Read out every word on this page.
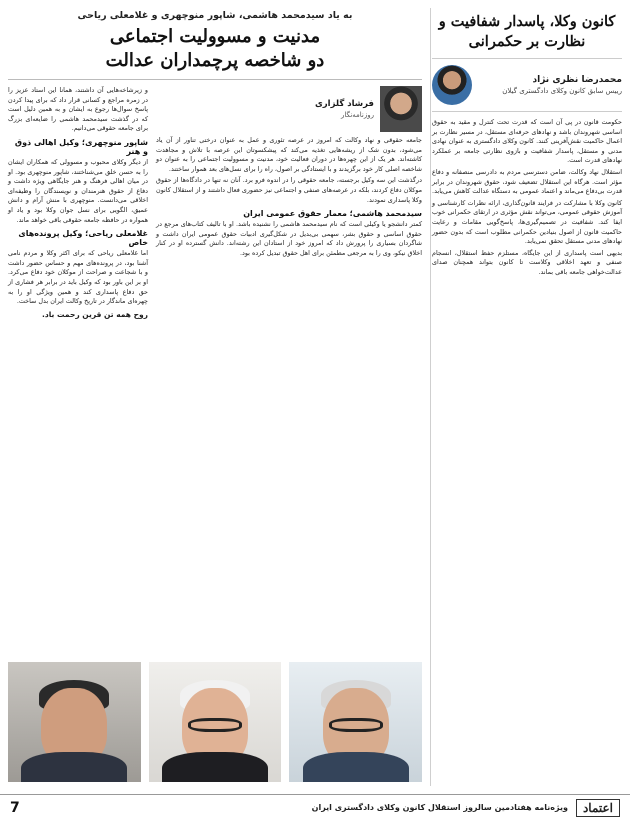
کانون وکلا، پاسدار شفافیت و نظارت بر حکمرانی
محمدرضا نظری نژاد
رییس سابق کانون وکلای دادگستری گیلان

حکومت قانون در پی آن است که قدرت تحت کنترل و مقید به حقوق اساسی شهروندان باشد و نهادهای حرفه‌ای مستقل، در مسیر نظارت بر اعمال حاکمیت نقش‌آفرینی کنند. کانون وکلای دادگستری به عنوان نهادی مدنی و مستقل، پاسدار شفافیت و بازوی نظارتی جامعه بر عملکرد نهادهای قدرت است.

استقلال نهاد وکالت، ضامن دسترسی مردم به دادرسی منصفانه و دفاع مؤثر است. هرگاه این استقلال تضعیف شود، حقوق شهروندان در برابر قدرت بی‌دفاع می‌ماند و اعتماد عمومی به دستگاه عدالت کاهش می‌یابد.

کانون وکلا با مشارکت در فرایند قانون‌گذاری، ارائه نظرات کارشناسی و آموزش حقوقی عمومی، می‌تواند نقش مؤثری در ارتقای حکمرانی خوب ایفا کند. شفافیت در تصمیم‌گیری‌ها، پاسخ‌گویی مقامات و رعایت حاکمیت قانون از اصول بنیادین حکمرانی مطلوب است که بدون حضور نهادهای مدنی مستقل تحقق نمی‌یابد.

بدیهی است پاسداری از این جایگاه، مستلزم حفظ استقلال، انسجام صنفی و تعهد اخلاقی وکلاست تا کانون بتواند همچنان صدای عدالت‌خواهی جامعه باقی بماند.

به یاد سیدمحمد هاشمی، شاپور منوچهری و غلامعلی ریاحی
مدنیت و مسوولیت اجتماعی
دو شاخصه پرچمداران عدالت
فرشاد گلزاری
روزنامه‌نگار

جامعه حقوقی و نهاد وکالت که امروز در عرصه تئوری و عمل به عنوان درختی تناور از آن یاد می‌شود، بدون شک از ریشه‌هایی تغذیه می‌کند که پیشکسوتان این عرصه با تلاش و مجاهدت کاشته‌اند. هر یک از این چهره‌ها در دوران فعالیت خود، مدنیت و مسوولیت اجتماعی را به عنوان دو شاخصه اصلی کار خود برگزیدند و با ایستادگی بر اصول، راه را برای نسل‌های بعد هموار ساختند.

درگذشت این سه وکیل برجسته، جامعه حقوقی را در اندوه فرو برد. آنان نه تنها در دادگاه‌ها از حقوق موکلان دفاع کردند، بلکه در عرصه‌های صنفی و اجتماعی نیز حضوری فعال داشتند و از استقلال کانون وکلا پاسداری نمودند.

سیدمحمد هاشمی؛ معمار حقوق عمومی ایران

کمتر دانشجو یا وکیلی است که نام سیدمحمد هاشمی را نشنیده باشد. او با تالیف کتاب‌های مرجع در حقوق اساسی و حقوق بشر، سهمی بی‌بدیل در شکل‌گیری ادبیات حقوق عمومی ایران داشت و شاگردان بسیاری را پرورش داد که امروز خود از استادان این رشته‌اند. دانش گسترده او در کنار اخلاق نیکو، وی را به مرجعی مطمئن برای اهل حقوق تبدیل کرده بود.

و زیرشاخه‌هایی آن داشتند، همانا این استاد عزیز را در زمره مراجع و کسانی قرار داد که برای پیدا کردن پاسخ سوال‌ها رجوع به ایشان و به همین دلیل است که در گذشت سیدمحمد هاشمی را ضایعه‌ای بزرگ برای جامعه حقوقی می‌دانیم.

شاپور منوچهری؛ وکیل اهالی ذوق و هنر

از دیگر وکلای محبوب و مسوولی که همکاران ایشان را به حسن خلق می‌شناختند، شاپور منوچهری بود. او در میان اهالی فرهنگ و هنر جایگاهی ویژه داشت و دفاع از حقوق هنرمندان و نویسندگان را وظیفه‌ای اخلاقی می‌دانست. منوچهری با منش آرام و دانش عمیق، الگویی برای نسل جوان وکلا بود و یاد او همواره در حافظه جامعه حقوقی باقی خواهد ماند.

غلامعلی ریاحی؛ وکیل پرونده‌های خاص

اما غلامعلی ریاحی که برای اکثر وکلا و مردم نامی آشنا بود، در پرونده‌های مهم و حساس حضور داشت و با شجاعت و صراحت از موکلان خود دفاع می‌کرد. او بر این باور بود که وکیل باید در برابر هر فشاری از حق دفاع پاسداری کند و همین ویژگی او را به چهره‌ای ماندگار در تاریخ وکالت ایران بدل ساخت.

روح همه تن قرین رحمت باد.
اعتماد
ویژه‌نامه هفتادمین سالروز استقلال کانون وکلای دادگستری ایران
7
